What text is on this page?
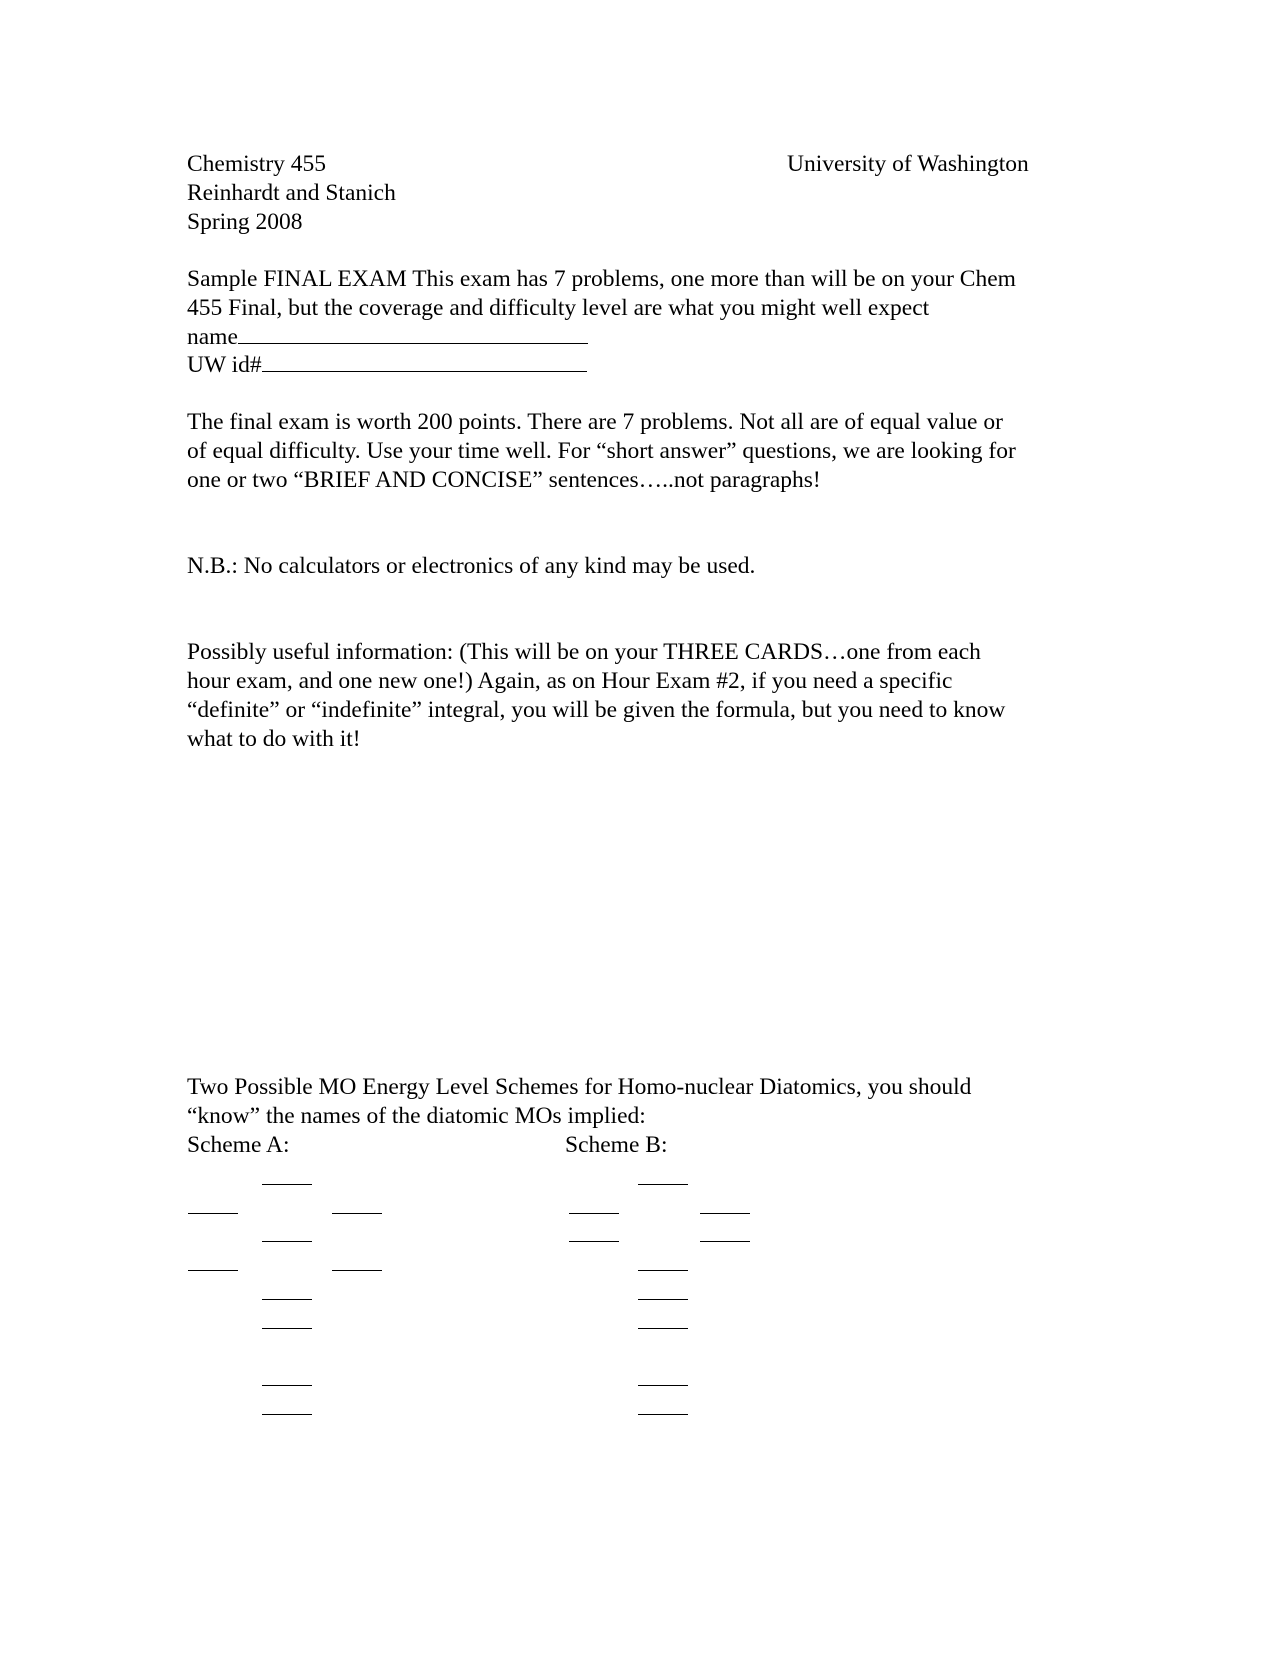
Chemistry 455	University of Washington
Reinhardt and Stanich
Spring 2008
Sample FINAL EXAM This exam has 7 problems, one more than will be on your Chem
455 Final, but the coverage and difficulty level are what you might well expect
name
UW id#
The final exam is worth 200 points. There are 7 problems. Not all are of equal value or
of equal difficulty. Use your time well. For “short answer” questions, we are looking for
one or two “BRIEF AND CONCISE” sentences…..not paragraphs!
N.B.: No calculators or electronics of any kind may be used.
Possibly useful information: (This will be on your THREE CARDS…one from each
hour exam, and one new one!) Again, as on Hour Exam #2, if you need a specific
“definite” or “indefinite” integral, you will be given the formula, but you need to know
what to do with it!
Two Possible MO Energy Level Schemes for Homo-nuclear Diatomics, you should
“know” the names of the diatomic MOs implied:
Scheme A:	Scheme B:
